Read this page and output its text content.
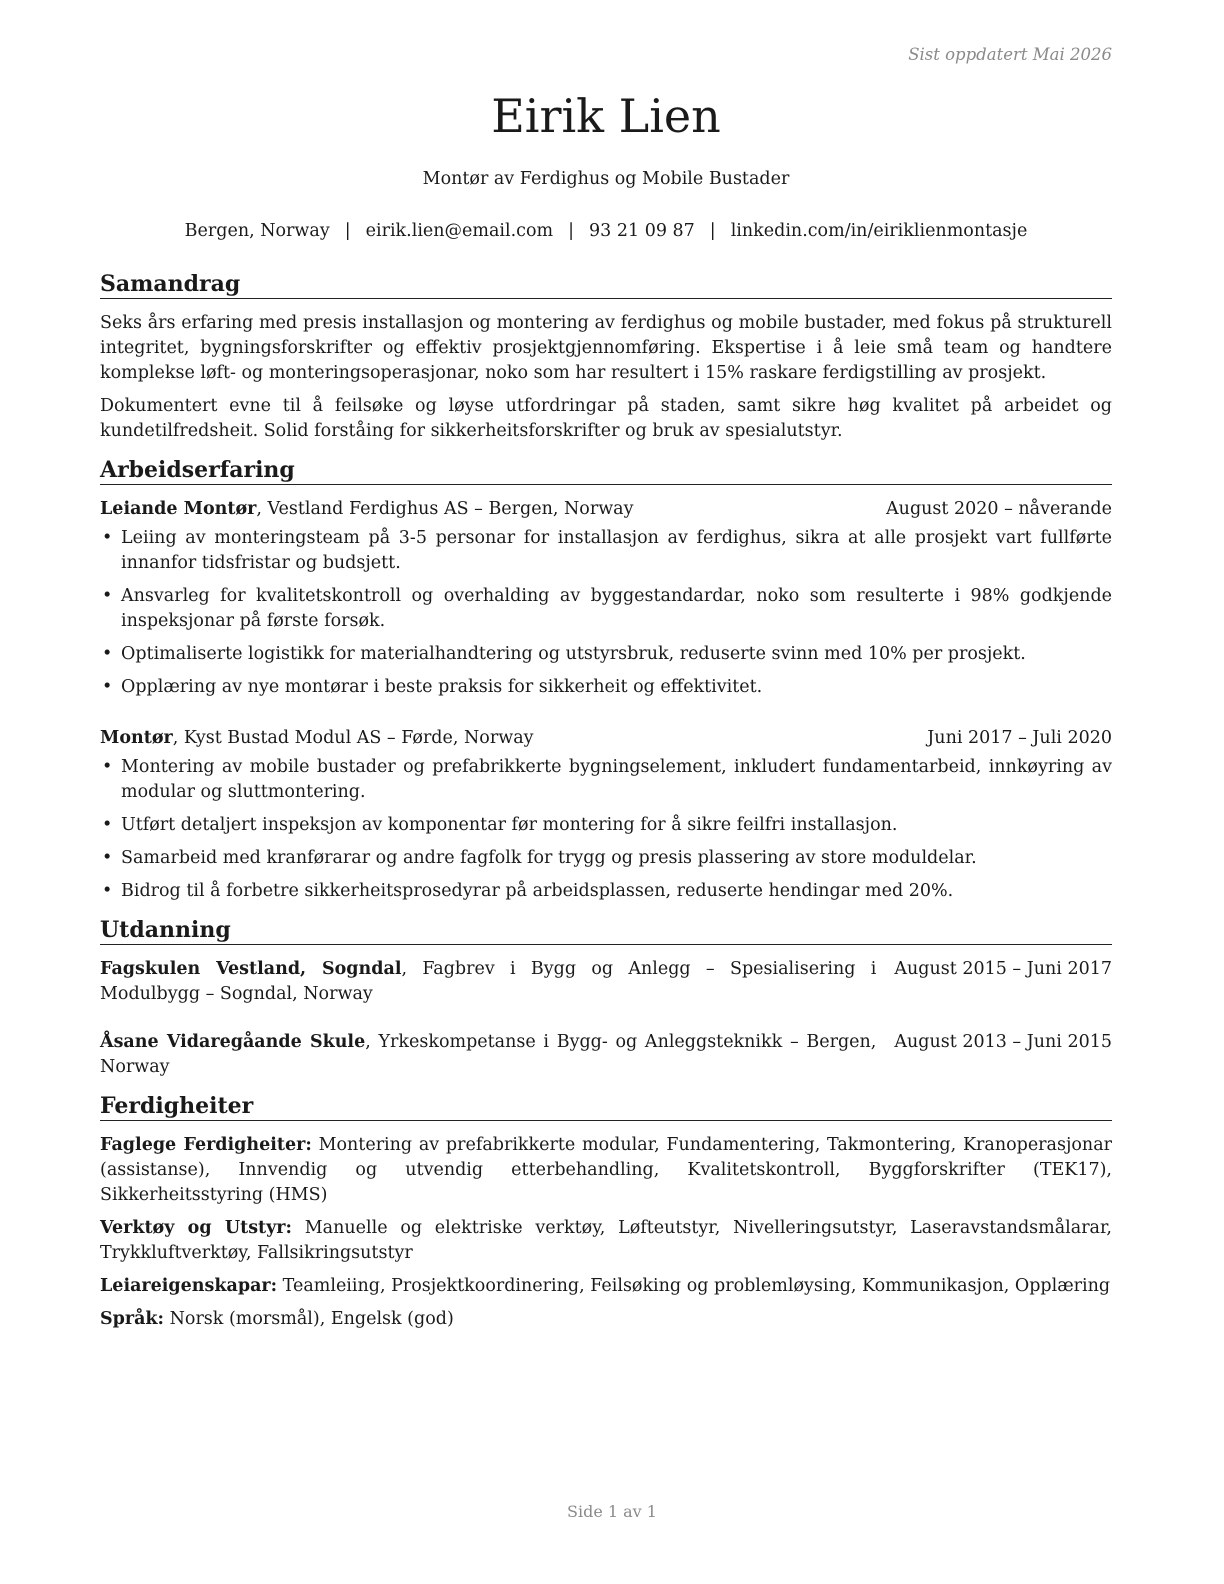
Sist oppdatert Mai 2026
Eirik Lien
Montør av Ferdighus og Mobile Bustader
Bergen, Norway | eirik.lien@email.com | 93 21 09 87 | linkedin.com/in/eiriklienmontasje
Samandrag

Seks års erfaring med presis installasjon og montering av ferdighus og mobile bustader, med fokus på strukturell integritet, bygningsforskrifter og effektiv prosjektgjennomføring. Ekspertise i å leie små team og handtere komplekse løft- og monteringsoperasjonar, noko som har resultert i 15% raskare ferdigstilling av prosjekt.

Dokumentert evne til å feilsøke og løyse utfordringar på staden, samt sikre høg kvalitet på arbeidet og kundetilfredsheit. Solid forståing for sikkerheitsforskrifter og bruk av spesialutstyr.

Arbeidserfaring
Leiande Montør, Vestland Ferdighus AS – Bergen, Norway	August 2020 – nåverande
• Leiing av monteringsteam på 3-5 personar for installasjon av ferdighus, sikra at alle prosjekt vart fullførte innanfor tidsfristar og budsjett.
• Ansvarleg for kvalitetskontroll og overhalding av byggestandardar, noko som resulterte i 98% godkjende inspeksjonar på første forsøk.
• Optimaliserte logistikk for materialhandtering og utstyrsbruk, reduserte svinn med 10% per prosjekt.
• Opplæring av nye montørar i beste praksis for sikkerheit og effektivitet.
Montør, Kyst Bustad Modul AS – Førde, Norway	Juni 2017 – Juli 2020
• Montering av mobile bustader og prefabrikkerte bygningselement, inkludert fundamentarbeid, innkøyring av modular og sluttmontering.
• Utført detaljert inspeksjon av komponentar før montering for å sikre feilfri installasjon.
• Samarbeid med kranførarar og andre fagfolk for trygg og presis plassering av store moduldelar.
• Bidrog til å forbetre sikkerheitsprosedyrar på arbeidsplassen, reduserte hendingar med 20%.
Utdanning
Fagskulen Vestland, Sogndal, Fagbrev i Bygg og Anlegg – Spesialisering i Modulbygg – Sogndal, Norway
August 2015 – Juni 2017
Åsane Vidaregåande Skule, Yrkeskompetanse i Bygg- og Anleggsteknikk – Bergen, Norway
August 2013 – Juni 2015
Ferdigheiter

Faglege Ferdigheiter: Montering av prefabrikkerte modular, Fundamentering, Takmontering, Kranoperasjonar (assistanse), Innvendig og utvendig etterbehandling, Kvalitetskontroll, Byggforskrifter (TEK17), Sikkerheitsstyring (HMS)

Verktøy og Utstyr: Manuelle og elektriske verktøy, Løfteutstyr, Nivelleringsutstyr, Laseravstandsmålarar, Trykkluftverktøy, Fallsikringsutstyr

Leiareigenskapar: Teamleiing, Prosjektkoordinering, Feilsøking og problemløysing, Kommunikasjon, Opplæring

Språk: Norsk (morsmål), Engelsk (god)

Side 1 av 1
